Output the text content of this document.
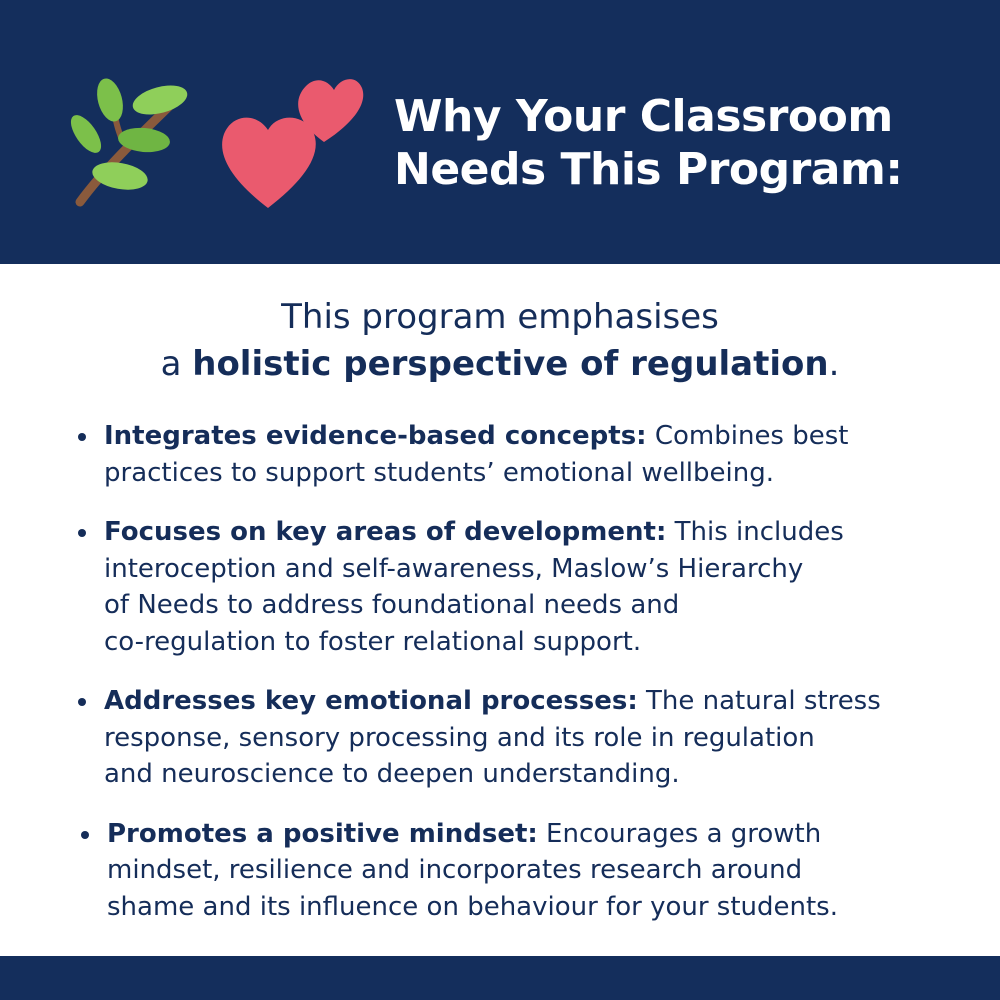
Why Your Classroom
Needs This Program:
This program emphasises
a holistic perspective of regulation.
Integrates evidence-based concepts: Combines best
practices to support students’ emotional wellbeing.
Focuses on key areas of development: This includes
interoception and self-awareness, Maslow’s Hierarchy
of Needs to address foundational needs and
co-regulation to foster relational support.
Addresses key emotional processes: The natural stress
response, sensory processing and its role in regulation
and neuroscience to deepen understanding.
Promotes a positive mindset: Encourages a growth
mindset, resilience and incorporates research around
shame and its influence on behaviour for your students.
